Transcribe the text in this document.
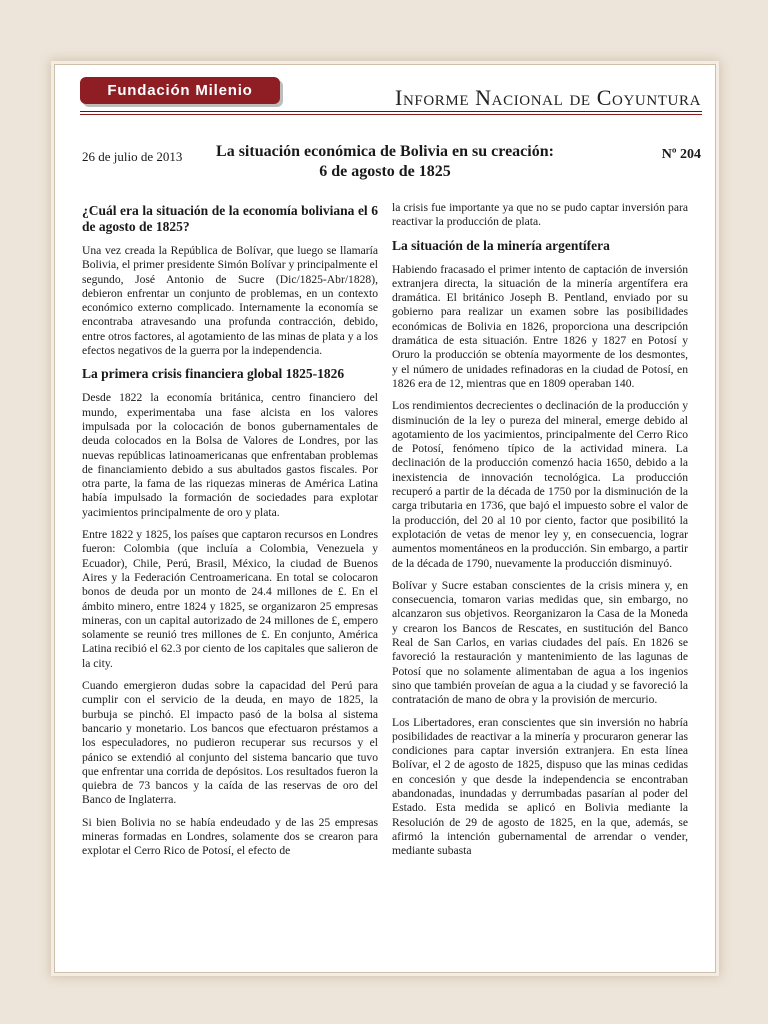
Fundación Milenio	Informe Nacional de Coyuntura
26 de julio de 2013	La situación económica de Bolivia en su creación:
6 de agosto de 1825
Nº 204
¿Cuál era la situación de la economía boliviana el 6 de agosto de 1825?

Una vez creada la República de Bolívar, que luego se llamaría Bolivia, el primer presidente Simón Bolívar y principalmente el segundo, José Antonio de Sucre (Dic/1825-Abr/1828), debieron enfrentar un conjunto de problemas, en un contexto económico externo complicado. Internamente la economía se encontraba atravesando una profunda contracción, debido, entre otros factores, al agotamiento de las minas de plata y a los efectos negativos de la guerra por la independencia.

La primera crisis financiera global 1825-1826

Desde 1822 la economía británica, centro financiero del mundo, experimentaba una fase alcista en los valores impulsada por la colocación de bonos gubernamentales de deuda colocados en la Bolsa de Valores de Londres, por las nuevas repúblicas latinoamericanas que enfrentaban problemas de financiamiento debido a sus abultados gastos fiscales. Por otra parte, la fama de las riquezas mineras de América Latina había impulsado la formación de sociedades para explotar yacimientos principalmente de oro y plata.

Entre 1822 y 1825, los países que captaron recursos en Londres fueron: Colombia (que incluía a Colombia, Venezuela y Ecuador), Chile, Perú, Brasil, México, la ciudad de Buenos Aires y la Federación Centroamericana. En total se colocaron bonos de deuda por un monto de 24.4 millones de £. En el ámbito minero, entre 1824 y 1825, se organizaron 25 empresas mineras, con un capital autorizado de 24 millones de £, empero solamente se reunió tres millones de £. En conjunto, América Latina recibió el 62.3 por ciento de los capitales que salieron de la city.

Cuando emergieron dudas sobre la capacidad del Perú para cumplir con el servicio de la deuda, en mayo de 1825, la burbuja se pinchó. El impacto pasó de la bolsa al sistema bancario y monetario. Los bancos que efectuaron préstamos a los especuladores, no pudieron recuperar sus recursos y el pánico se extendió al conjunto del sistema bancario que tuvo que enfrentar una corrida de depósitos. Los resultados fueron la quiebra de 73 bancos y la caída de las reservas de oro del Banco de Inglaterra.

Si bien Bolivia no se había endeudado y de las 25 empresas mineras formadas en Londres, solamente dos se crearon para explotar el Cerro Rico de Potosí, el efecto de

la crisis fue importante ya que no se pudo captar inversión para reactivar la producción de plata.

La situación de la minería argentífera

Habiendo fracasado el primer intento de captación de inversión extranjera directa, la situación de la minería argentífera era dramática. El británico Joseph B. Pentland, enviado por su gobierno para realizar un examen sobre las posibilidades económicas de Bolivia en 1826, proporciona una descripción dramática de esta situación. Entre 1826 y 1827 en Potosí y Oruro la producción se obtenía mayormente de los desmontes, y el número de unidades refinadoras en la ciudad de Potosí, en 1826 era de 12, mientras que en 1809 operaban 140.

Los rendimientos decrecientes o declinación de la producción y disminución de la ley o pureza del mineral, emerge debido al agotamiento de los yacimientos, principalmente del Cerro Rico de Potosí, fenómeno típico de la actividad minera. La declinación de la producción comenzó hacia 1650, debido a la inexistencia de innovación tecnológica. La producción recuperó a partir de la década de 1750 por la disminución de la carga tributaria en 1736, que bajó el impuesto sobre el valor de la producción, del 20 al 10 por ciento, factor que posibilitó la explotación de vetas de menor ley y, en consecuencia, lograr aumentos momentáneos en la producción. Sin embargo, a partir de la década de 1790, nuevamente la producción disminuyó.

Bolívar y Sucre estaban conscientes de la crisis minera y, en consecuencia, tomaron varias medidas que, sin embargo, no alcanzaron sus objetivos. Reorganizaron la Casa de la Moneda y crearon los Bancos de Rescates, en sustitución del Banco Real de San Carlos, en varias ciudades del país. En 1826 se favoreció la restauración y mantenimiento de las lagunas de Potosí que no solamente alimentaban de agua a los ingenios sino que también proveían de agua a la ciudad y se favoreció la contratación de mano de obra y la provisión de mercurio.

Los Libertadores, eran conscientes que sin inversión no habría posibilidades de reactivar a la minería y procuraron generar las condiciones para captar inversión extranjera. En esta línea Bolívar, el 2 de agosto de 1825, dispuso que las minas cedidas en concesión y que desde la independencia se encontraban abandonadas, inundadas y derrumbadas pasarían al poder del Estado. Esta medida se aplicó en Bolivia mediante la Resolución de 29 de agosto de 1825, en la que, además, se afirmó la intención gubernamental de arrendar o vender, mediante subasta
